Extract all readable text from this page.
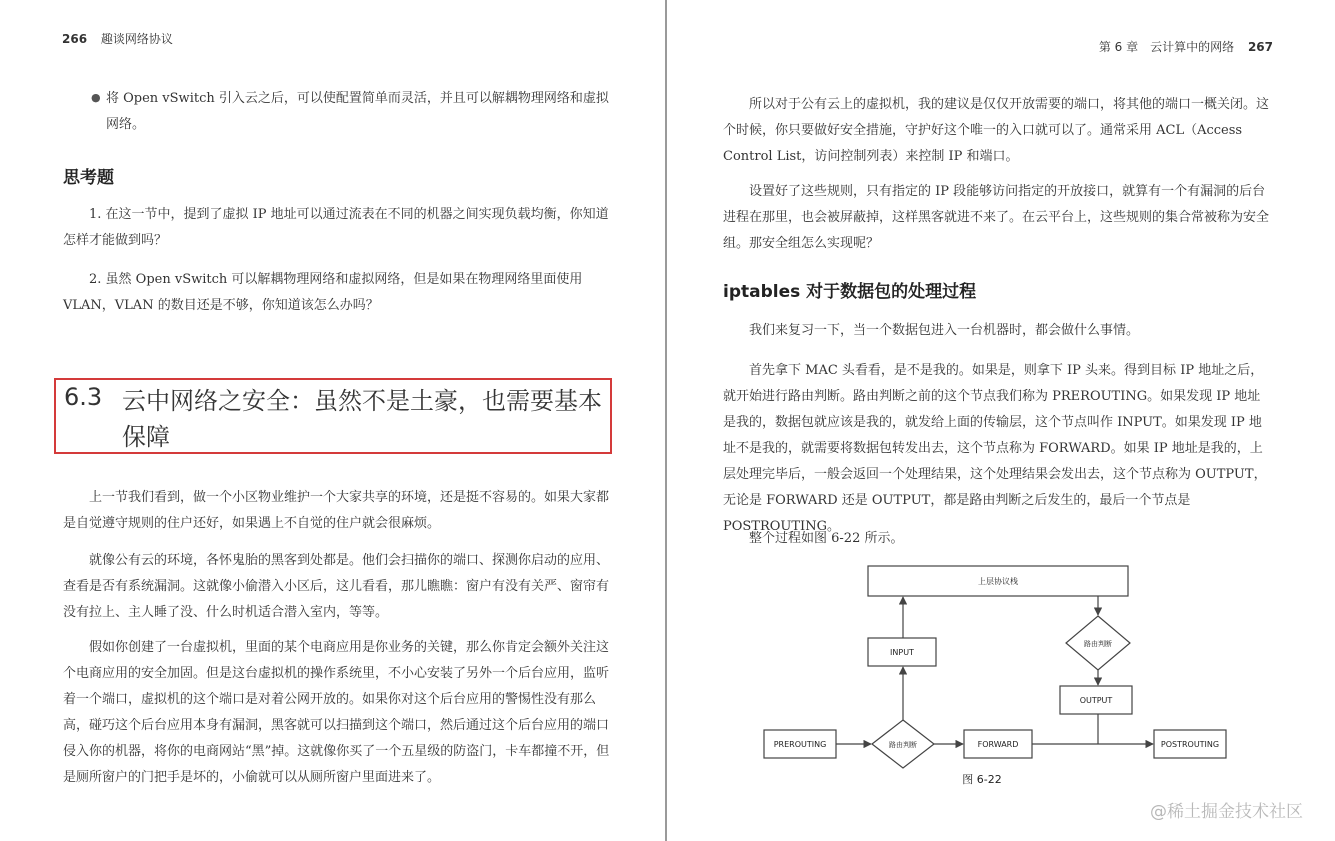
266 趣谈网络协议
● 将 Open vSwitch 引入云之后，可以使配置简单而灵活，并且可以解耦物理网络和虚拟网络。

思考题

1. 在这一节中，提到了虚拟 IP 地址可以通过流表在不同的机器之间实现负载均衡，你知道怎样才能做到吗？

2. 虽然 Open vSwitch 可以解耦物理网络和虚拟网络，但是如果在物理网络里面使用 VLAN，VLAN 的数目还是不够，你知道该怎么办吗？

6.3 云中网络之安全：虽然不是土豪，也需要基本保障

上一节我们看到，做一个小区物业维护一个大家共享的环境，还是挺不容易的。如果大家都是自觉遵守规则的住户还好，如果遇上不自觉的住户就会很麻烦。

就像公有云的环境，各怀鬼胎的黑客到处都是。他们会扫描你的端口、探测你启动的应用、查看是否有系统漏洞。这就像小偷潜入小区后，这儿看看，那儿瞧瞧：窗户有没有关严、窗帘有没有拉上、主人睡了没、什么时机适合潜入室内，等等。

假如你创建了一台虚拟机，里面的某个电商应用是你业务的关键，那么你肯定会额外关注这个电商应用的安全加固。但是这台虚拟机的操作系统里，不小心安装了另外一个后台应用，监听着一个端口，虚拟机的这个端口是对着公网开放的。如果你对这个后台应用的警惕性没有那么高，碰巧这个后台应用本身有漏洞，黑客就可以扫描到这个端口，然后通过这个后台应用的端口侵入你的机器，将你的电商网站“黑”掉。这就像你买了一个五星级的防盗门，卡车都撞不开，但是厕所窗户的门把手是坏的，小偷就可以从厕所窗户里面进来了。

第 6 章　云计算中的网络 267

所以对于公有云上的虚拟机，我的建议是仅仅开放需要的端口，将其他的端口一概关闭。这个时候，你只要做好安全措施，守护好这个唯一的入口就可以了。通常采用 ACL（Access Control List，访问控制列表）来控制 IP 和端口。

设置好了这些规则，只有指定的 IP 段能够访问指定的开放接口，就算有一个有漏洞的后台进程在那里，也会被屏蔽掉，这样黑客就进不来了。在云平台上，这些规则的集合常被称为安全组。那安全组怎么实现呢？

iptables 对于数据包的处理过程

我们来复习一下，当一个数据包进入一台机器时，都会做什么事情。

首先拿下 MAC 头看看，是不是我的。如果是，则拿下 IP 头来。得到目标 IP 地址之后，就开始进行路由判断。路由判断之前的这个节点我们称为 PREROUTING。如果发现 IP 地址是我的，数据包就应该是我的，就发给上面的传输层，这个节点叫作 INPUT。如果发现 IP 地址不是我的，就需要将数据包转发出去，这个节点称为 FORWARD。如果 IP 地址是我的，上层处理完毕后，一般会返回一个处理结果，这个处理结果会发出去，这个节点称为 OUTPUT，无论是 FORWARD 还是 OUTPUT，都是路由判断之后发生的，最后一个节点是 POSTROUTING。

整个过程如图 6-22 所示。

上层协议栈
INPUT
路由判断
OUTPUT
PREROUTING	路由判断	FORWARD	POSTROUTING
图 6-22
@稀土掘金技术社区
